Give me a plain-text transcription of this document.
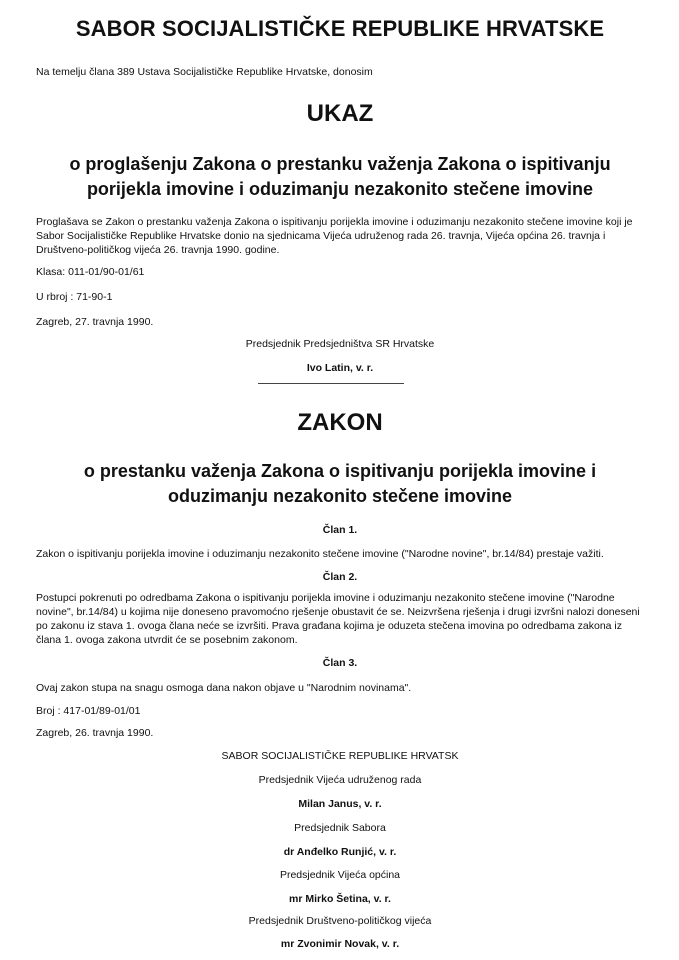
SABOR SOCIJALISTIČKE REPUBLIKE HRVATSKE

Na temelju članа 389 Ustava Socijalističke Republike Hrvatske, donosim

UKAZ
o proglašenju Zakona o prestanku važenja Zakona o ispitivanju porijekla imovine i oduzimanju nezakonito stečene imovine

Proglašava se Zakon o prestanku važenja Zakona o ispitivanju porijekla imovine i oduzimanju nezakonito stečene imovine koji je Sabor Socijalističke Republike Hrvatske donio na sjednicama Vijeća udruženog rada 26. travnja, Vijeća općina 26. travnja i Društveno-političkog vijeća 26. travnja 1990. godine.

Klasa: 011-01/90-01/61

U rbroj : 71-90-1

Zagreb, 27. travnja 1990.

Predsjednik Predsjedništva SR Hrvatske

Ivo Latin, v. r.

ZAKON
o prestanku važenja Zakona o ispitivanju porijekla imovine i oduzimanju nezakonito stečene imovine

Član 1.

Zakon o ispitivanju porijekla imovine i oduzimanju nezakonito stečene imovine ("Narodne novine", br.14/84) prestaje važiti.

Član 2.

Postupci pokrenuti po odredbama Zakona o ispitivanju porijekla imovine i oduzimanju nezakonito stečene imovine ("Narodne novine", br.14/84) u kojima nije doneseno pravomoćno rješenje obustavit će se. Neizvršena rješenja i drugi izvršni nalozi doneseni po zakonu iz stava 1. ovoga člana neće se izvršiti. Prava građana kojima je oduzeta stečena imovina po odredbama zakona iz člana 1. ovoga zakona utvrdit će se posebnim zakonom.

Član 3.

Ovaj zakon stupa na snagu osmoga dana nakon objave u "Narodnim novinama".

Broj : 417-01/89-01/01

Zagreb, 26. travnja 1990.

SABOR SOCIJALISTIČKE REPUBLIKE HRVATSK

Predsjednik Vijeća udruženog rada

Milan Janus, v. r.

Predsjednik Sabora

dr Anđelko Runjić, v. r.

Predsjednik Vijeća općina

mr Mirko Šetina, v. r.

Predsjednik Društveno-političkog vijeća

mr Zvonimir Novak, v. r.
